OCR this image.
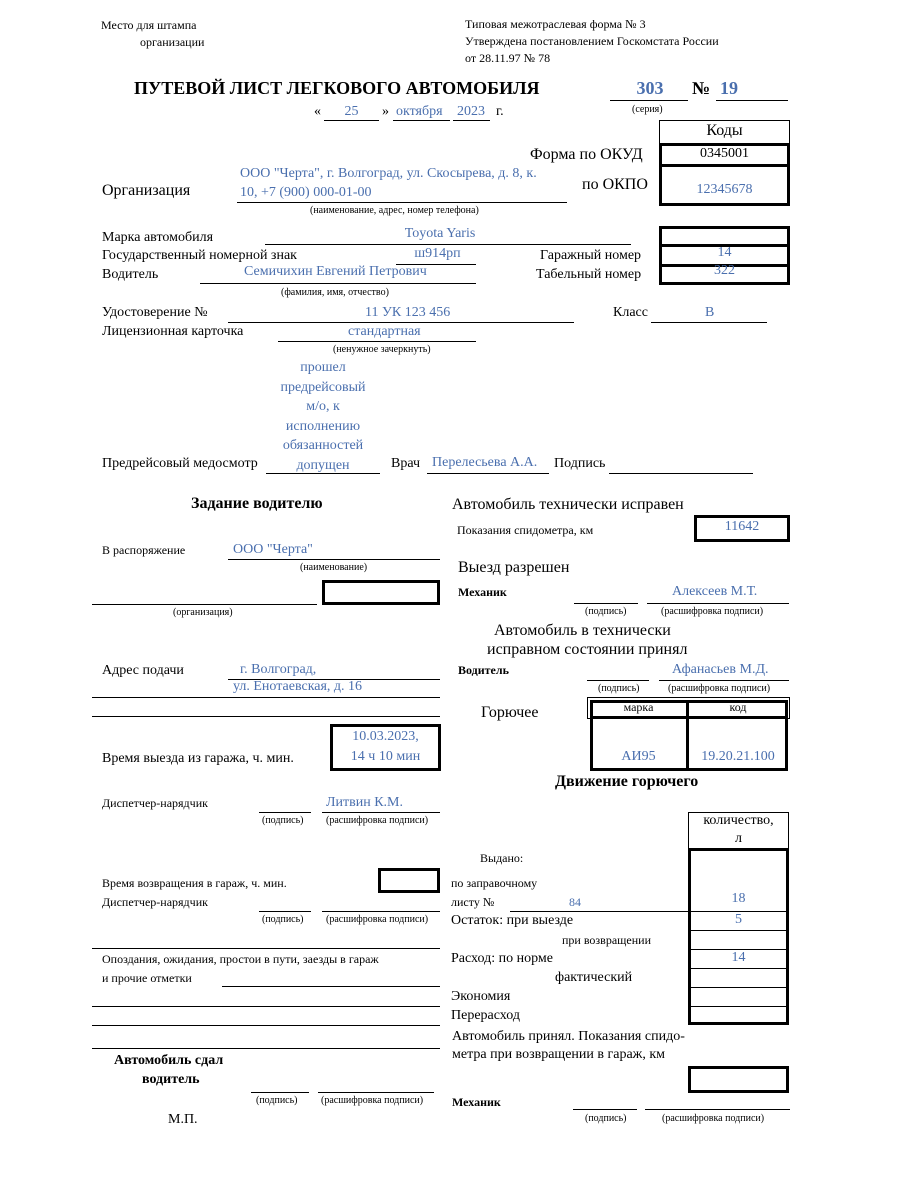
Место для штампа
организации
Типовая межотраслевая форма № 3
Утверждена постановлением Госкомстата России
от 28.11.97 № 78
ПУТЕВОЙ ЛИСТ ЛЕГКОВОГО АВТОМОБИЛЯ	303	№ 19
(серия)
«	25	» октября 2023 г.
Коды
Форма по ОКУД	0345001
по ОКПО	12345678
Организация
ООО "Черта", г. Волгоград, ул. Скосырева, д. 8, к.
10, +7 (900) 000-01-00
(наименование, адрес, номер телефона)
Марка автомобиля	Toyota Yaris
Государственный номерной знак	ш914рп	Гаражный номер	14
Водитель	Семичихин Евгений Петрович	Табельный номер	322
(фамилия, имя, отчество)
Удостоверение №	11 УК 123 456	Класс	B
Лицензионная карточка	стандартная
(ненужное зачеркнуть)
прошел
предрейсовый
м/о, к
исполнению
обязанностей
допущен
Предрейсовый медосмотр	Врач Перелесьева А.А. Подпись
Задание водителю
В распоряжение	ООО "Черта"
(наименование)
(организация)
Адрес подачи	г. Волгоград,
ул. Енотаевская, д. 16
10.03.2023,
14 ч 10 мин
Время выезда из гаража, ч. мин.
Диспетчер-нарядчик	Литвин К.М.
(подпись) (расшифровка подписи)
Время возвращения в гараж, ч. мин.
Диспетчер-нарядчик
(подпись) (расшифровка подписи)
Опоздания, ожидания, простои в пути, заезды в гараж
и прочие отметки
Автомобиль сдал
водитель
(подпись) (расшифровка подписи)
М.П.
Автомобиль технически исправен
Показания спидометра, км	11642
Выезд разрешен
Механик	Алексеев М.Т.
(подпись)	(расшифровка подписи)
Автомобиль в технически
исправном состоянии принял
Водитель	Афанасьев М.Д.
(подпись)	(расшифровка подписи)
Горючее	марка	код
АИ95	19.20.21.100
Движение горючего
количество,
л
Выдано:
по заправочному
листу №	84	18
Остаток: при выезде	5
при возвращении
Расход: по норме	14
фактический
Экономия
Перерасход
Автомобиль принял. Показания спидо-
метра при возвращении в гараж, км
Механик
(подпись)	(расшифровка подписи)
